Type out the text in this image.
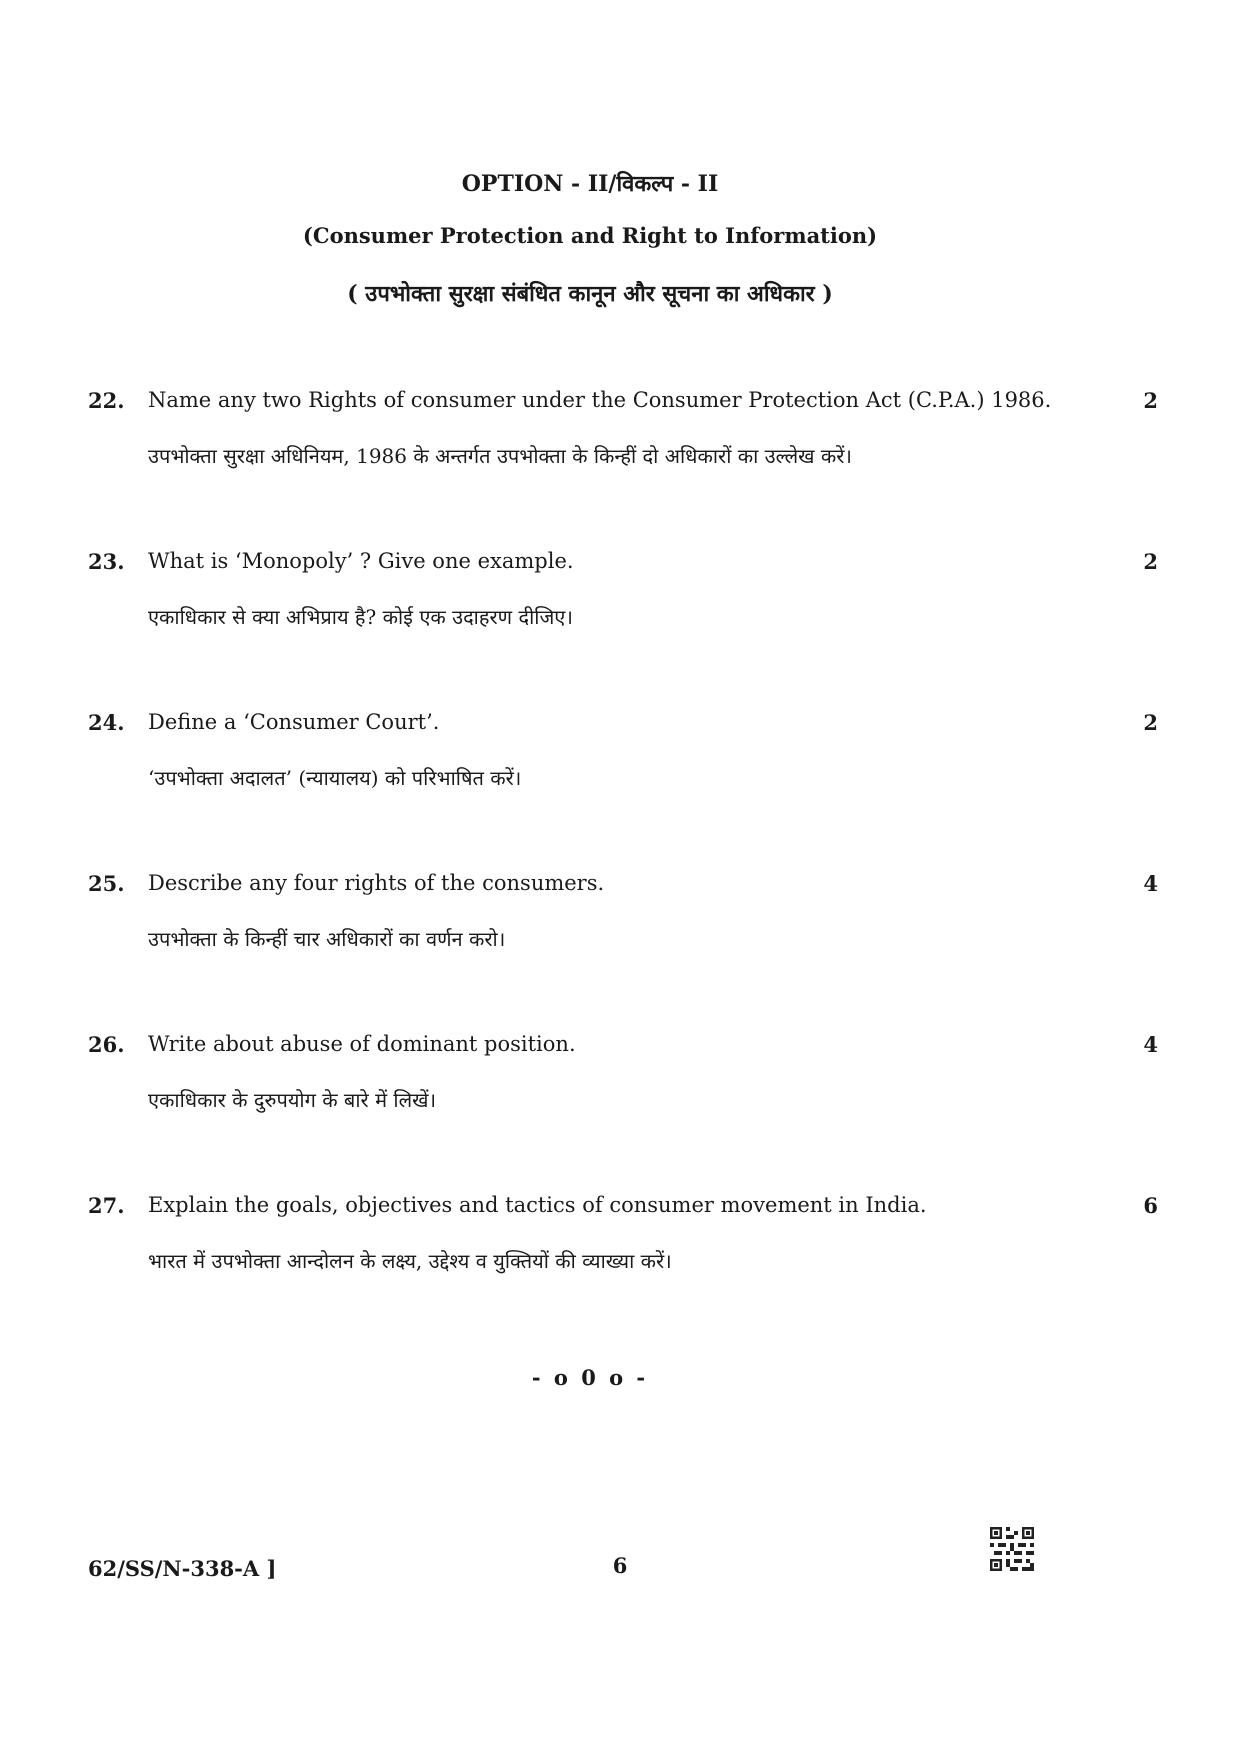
OPTION - II/विकल्प - II
(Consumer Protection and Right to Information)
( उपभोक्ता सुरक्षा संबंधित कानून और सूचना का अधिकार )
22. Name any two Rights of consumer under the Consumer Protection Act (C.P.A.) 1986.
उपभोक्ता सुरक्षा अधिनियम, 1986 के अन्तर्गत उपभोक्ता के किन्हीं दो अधिकारों का उल्लेख करें।
2
23. What is ‘Monopoly’ ? Give one example.
एकाधिकार से क्या अभिप्राय है? कोई एक उदाहरण दीजिए।
2
24. Define a ‘Consumer Court’.
‘उपभोक्ता अदालत’ (न्यायालय) को परिभाषित करें।
2
25. Describe any four rights of the consumers.
उपभोक्ता के किन्हीं चार अधिकारों का वर्णन करो।
4
26. Write about abuse of dominant position.
एकाधिकार के दुरुपयोग के बारे में लिखें।
4
27. Explain the goals, objectives and tactics of consumer movement in India.
भारत में उपभोक्ता आन्दोलन के लक्ष्य, उद्देश्य व युक्तियों की व्याख्या करें।
6
- o 0 o -
62/SS/N-338-A ]	6
